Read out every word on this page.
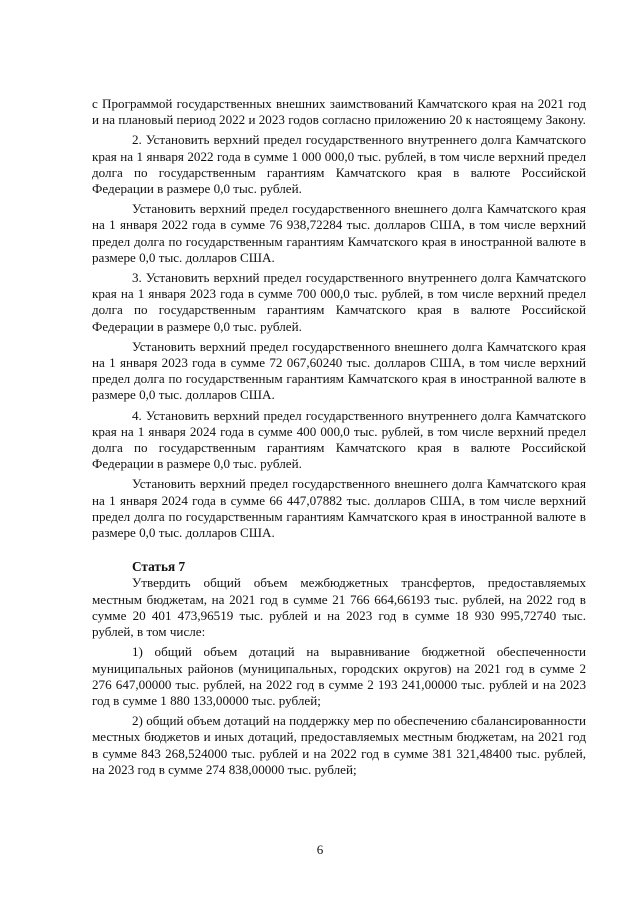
с Программой государственных внешних заимствований Камчатского края на 2021 год и на плановый период 2022 и 2023 годов согласно приложению 20 к настоящему Закону.

2. Установить верхний предел государственного внутреннего долга Камчатского края на 1 января 2022 года в сумме 1 000 000,0 тыс. рублей, в том числе верхний предел долга по государственным гарантиям Камчатского края в валюте Российской Федерации в размере 0,0 тыс. рублей.

Установить верхний предел государственного внешнего долга Камчатского края на 1 января 2022 года в сумме 76 938,72284 тыс. долларов США, в том числе верхний предел долга по государственным гарантиям Камчатского края в иностранной валюте в размере 0,0 тыс. долларов США.

3. Установить верхний предел государственного внутреннего долга Камчатского края на 1 января 2023 года в сумме 700 000,0 тыс. рублей, в том числе верхний предел долга по государственным гарантиям Камчатского края в валюте Российской Федерации в размере 0,0 тыс. рублей.

Установить верхний предел государственного внешнего долга Камчатского края на 1 января 2023 года в сумме 72 067,60240 тыс. долларов США, в том числе верхний предел долга по государственным гарантиям Камчатского края в иностранной валюте в размере 0,0 тыс. долларов США.

4. Установить верхний предел государственного внутреннего долга Камчатского края на 1 января 2024 года в сумме 400 000,0 тыс. рублей, в том числе верхний предел долга по государственным гарантиям Камчатского края в валюте Российской Федерации в размере 0,0 тыс. рублей.

Установить верхний предел государственного внешнего долга Камчатского края на 1 января 2024 года в сумме 66 447,07882 тыс. долларов США, в том числе верхний предел долга по государственным гарантиям Камчатского края в иностранной валюте в размере 0,0 тыс. долларов США.

Статья 7

Утвердить общий объем межбюджетных трансфертов, предоставляемых местным бюджетам, на 2021 год в сумме 21 766 664,66193 тыс. рублей, на 2022 год в сумме 20 401 473,96519 тыс. рублей и на 2023 год в сумме 18 930 995,72740 тыс. рублей, в том числе:

1) общий объем дотаций на выравнивание бюджетной обеспеченности муниципальных районов (муниципальных, городских округов) на 2021 год в сумме 2 276 647,00000 тыс. рублей, на 2022 год в сумме 2 193 241,00000 тыс. рублей и на 2023 год в сумме 1 880 133,00000 тыс. рублей;

2) общий объем дотаций на поддержку мер по обеспечению сбалансированности местных бюджетов и иных дотаций, предоставляемых местным бюджетам, на 2021 год в сумме 843 268,524000 тыс. рублей и на 2022 год в сумме 381 321,48400 тыс. рублей, на 2023 год в сумме 274 838,00000 тыс. рублей;

6
